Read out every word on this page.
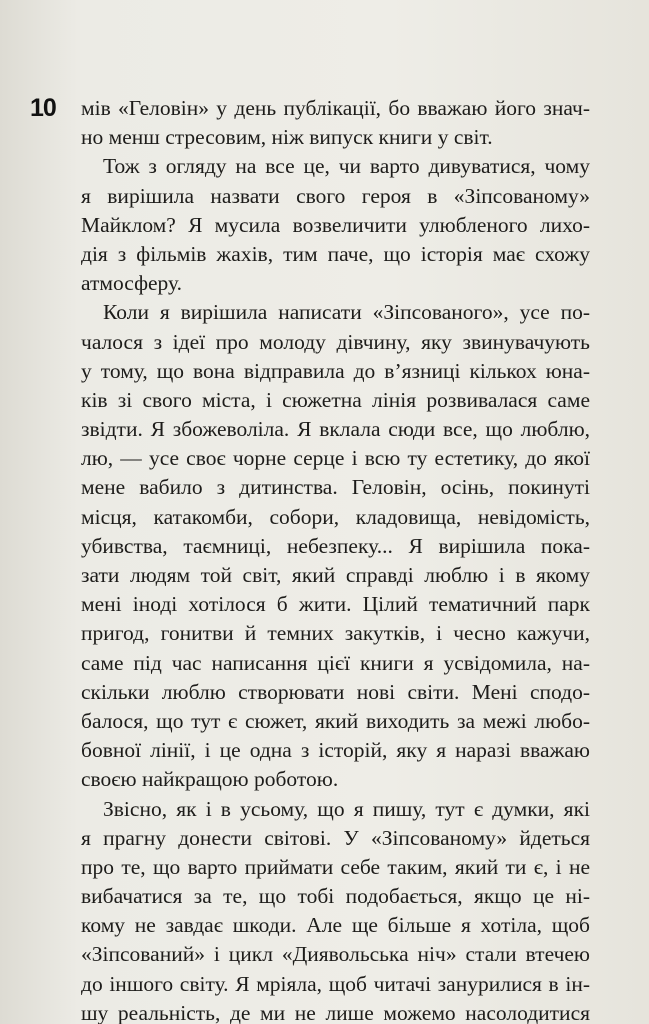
10 мів «Геловін» у день публікації, бо вважаю його знач-
но менш стресовим, ніж випуск книги у світ.
Тож з огляду на все це, чи варто дивуватися, чому
я вирішила назвати свого героя в «Зіпсованому»
Майклом? Я мусила возвеличити улюбленого лихо-
дія з фільмів жахів, тим паче, що історія має схожу
атмосферу.
Коли я вирішила написати «Зіпсованого», усе по-
чалося з ідеї про молоду дівчину, яку звинувачують
у тому, що вона відправила до в’язниці кількох юна-
ків зі свого міста, і сюжетна лінія розвивалася саме
звідти. Я збожеволіла. Я вклала сюди все, що люблю,
лю, — усе своє чорне серце і всю ту естетику, до якої
мене вабило з дитинства. Геловін, осінь, покинуті
місця, катакомби, собори, кладовища, невідомість,
убивства, таємниці, небезпеку... Я вирішила пока-
зати людям той світ, який справді люблю і в якому
мені іноді хотілося б жити. Цілий тематичний парк
пригод, гонитви й темних закутків, і чесно кажучи,
саме під час написання цієї книги я усвідомила, на-
скільки люблю створювати нові світи. Мені сподо-
балося, що тут є сюжет, який виходить за межі любо-
бовної лінії, і це одна з історій, яку я наразі вважаю
своєю найкращою роботою.
Звісно, як і в усьому, що я пишу, тут є думки, які
я прагну донести світові. У «Зіпсованому» йдеться
про те, що варто приймати себе таким, який ти є, і не
вибачатися за те, що тобі подобається, якщо це ні-
кому не завдає шкоди. Але ще більше я хотіла, щоб
«Зіпсований» і цикл «Диявольська ніч» стали втечею
до іншого світу. Я мріяла, щоб читачі занурилися в ін-
шу реальність, де ми не лише можемо насолодитися
